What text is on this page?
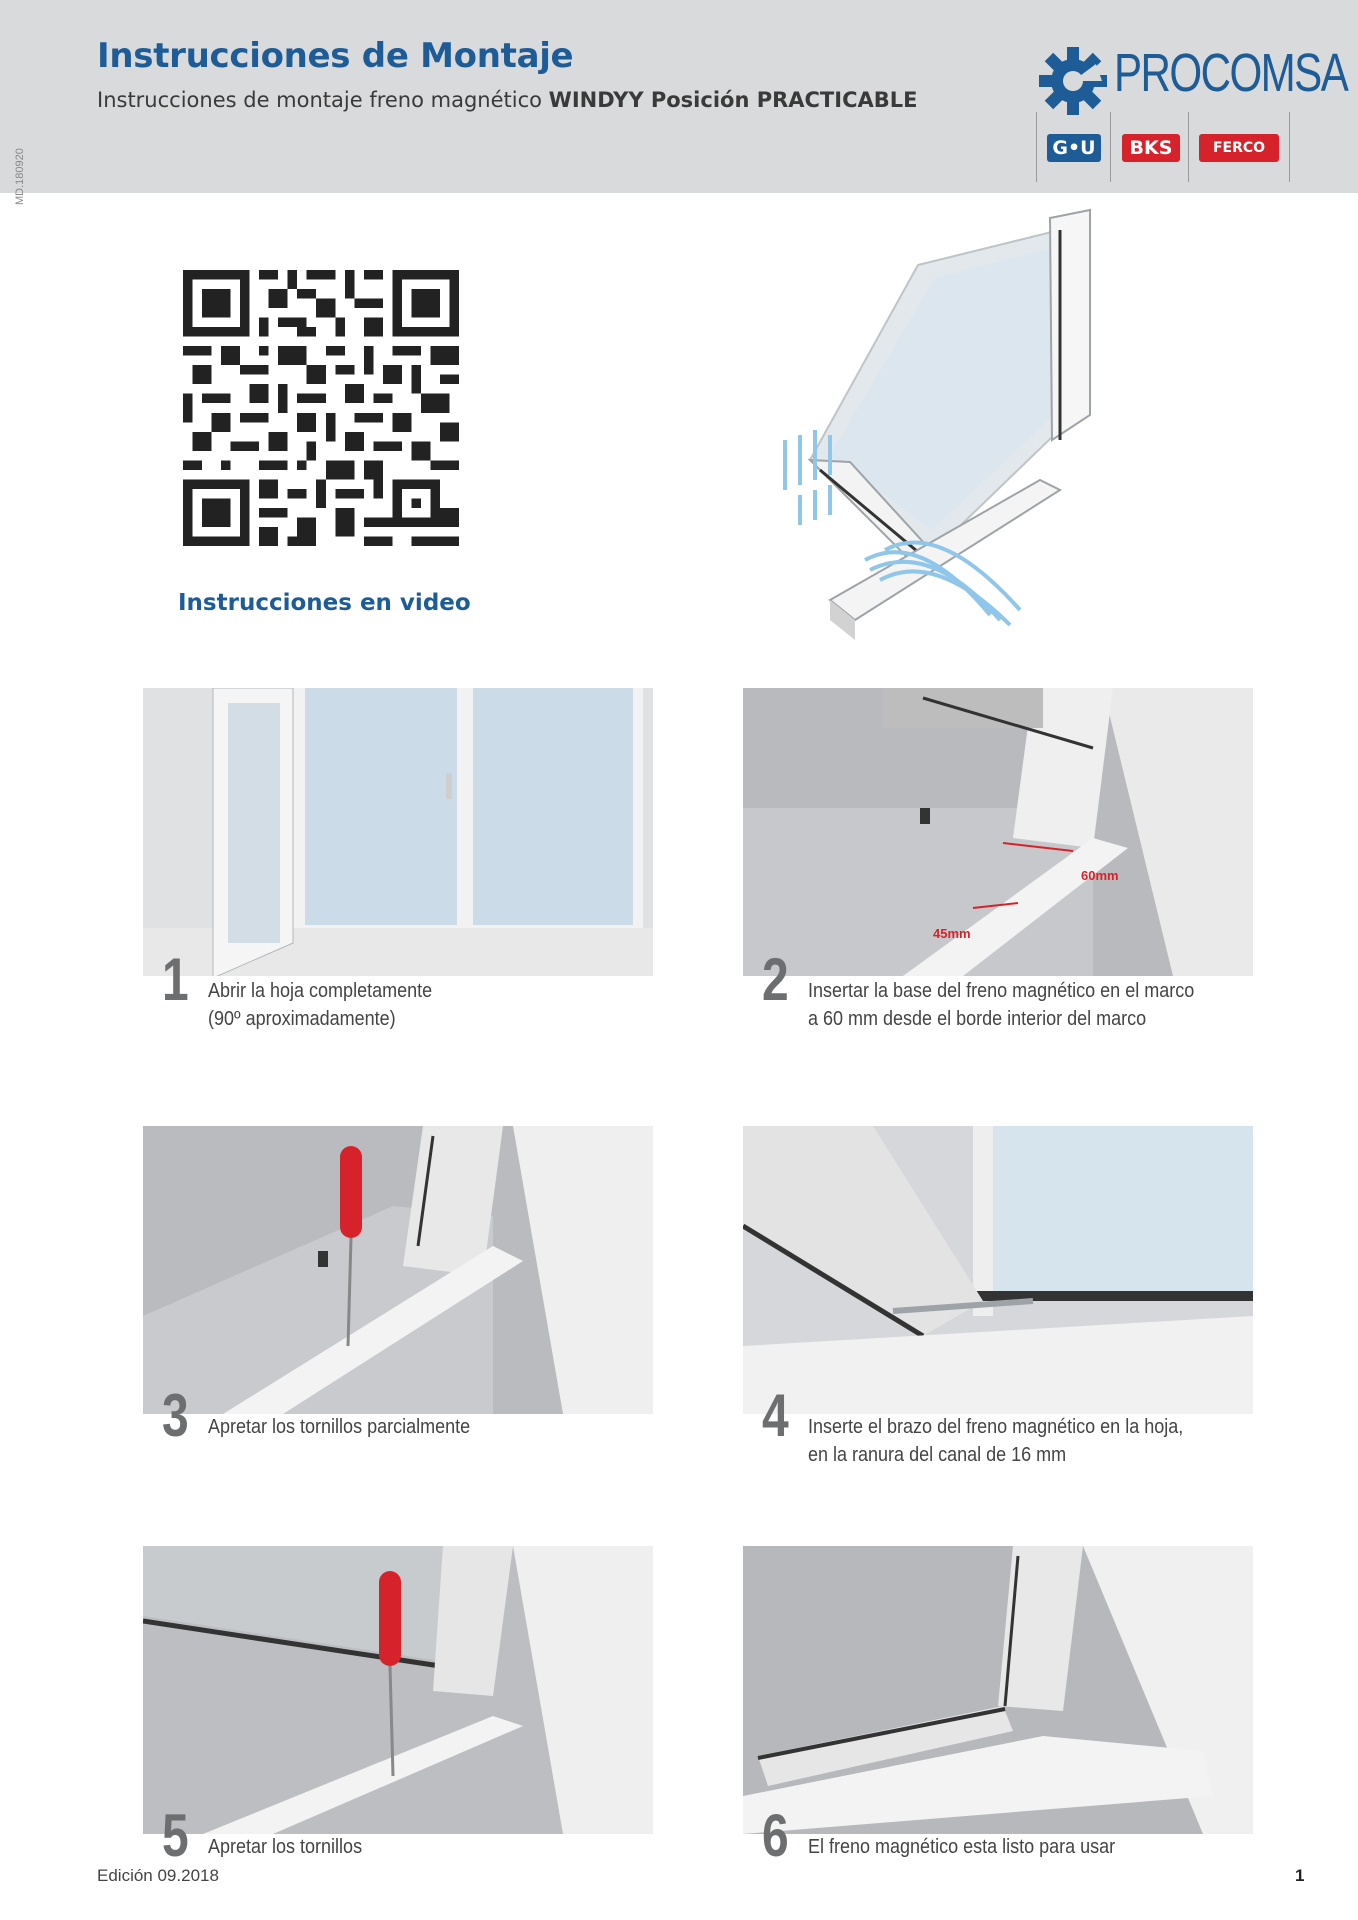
Instrucciones de Montaje
Instrucciones de montaje freno magnético WINDYY Posición PRACTICABLE	PROCOMSA
G•U	BKS	FERCO
MD.180920
Instrucciones en video
1 Abrir la hoja completamente
(90º aproximadamente)
60mm
45mm
2 Insertar la base del freno magnético en el marco
a 60 mm desde el borde interior del marco
3 Apretar los tornillos parcialmente	4 Inserte el brazo del freno magnético en la hoja,
en la ranura del canal de 16 mm
5 Apretar los tornillos	6 El freno magnético esta listo para usar
Edición 09.2018	1
